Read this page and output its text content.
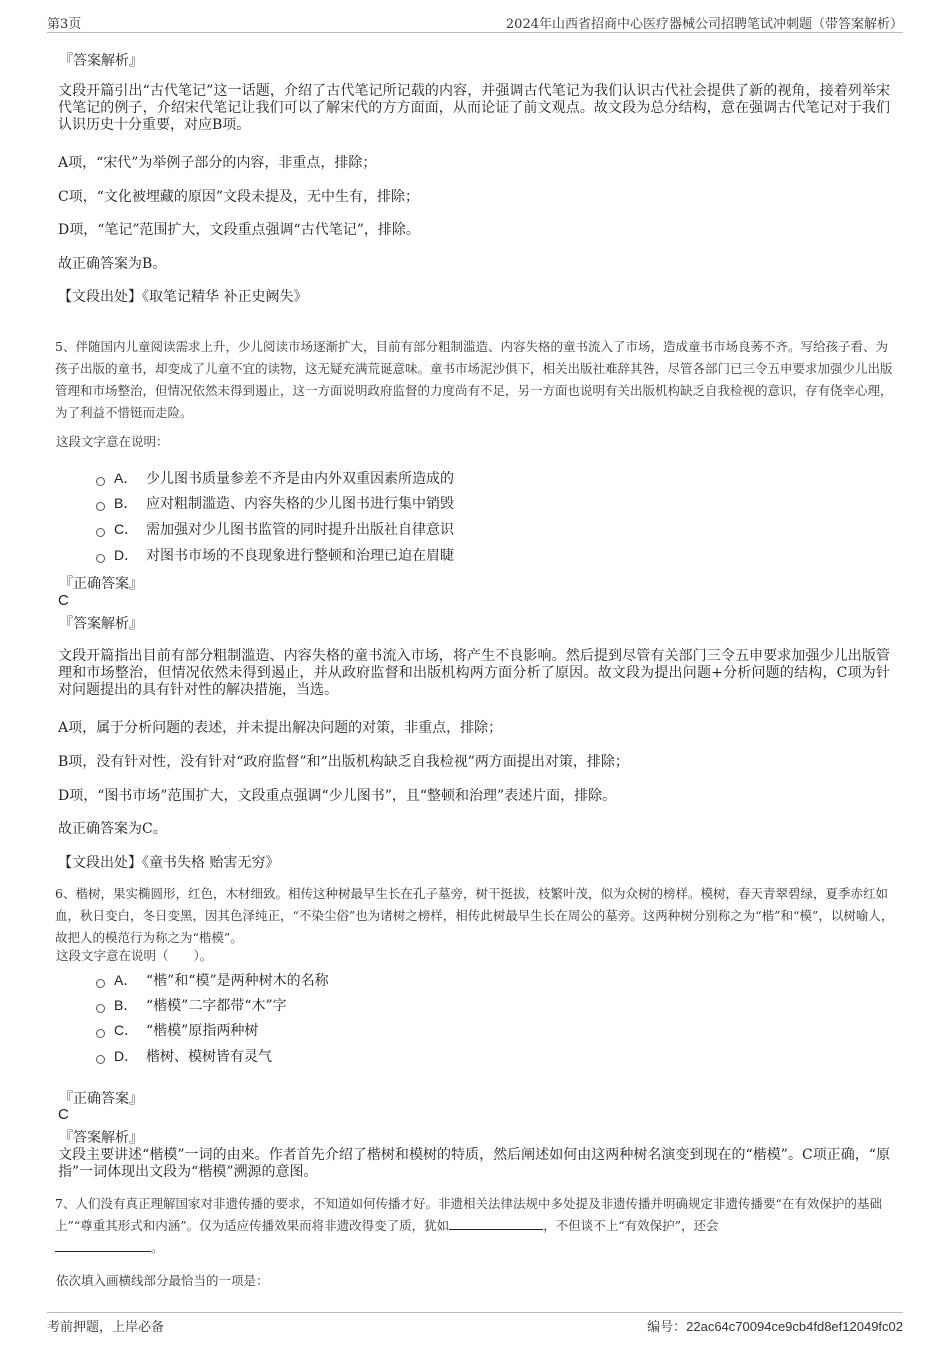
第3页	2024年山西省招商中心医疗器械公司招聘笔试冲刺题（带答案解析）
『答案解析』
文段开篇引出“古代笔记”这一话题，介绍了古代笔记所记载的内容，并强调古代笔记为我们认识古代社会提供了新的视角，接着列举宋代笔记的例子，介绍宋代笔记让我们可以了解宋代的方方面面，从而论证了前文观点。故文段为总分结构，意在强调古代笔记对于我们认识历史十分重要，对应B项。
A项，“宋代”为举例子部分的内容，非重点，排除；
C项，“文化被埋藏的原因”文段未提及，无中生有，排除；
D项，“笔记”范围扩大，文段重点强调“古代笔记”，排除。
故正确答案为B。
【文段出处】《取笔记精华 补正史阙失》
5、伴随国内儿童阅读需求上升，少儿阅读市场逐渐扩大，目前有部分粗制滥造、内容失格的童书流入了市场，造成童书市场良莠不齐。写给孩子看、为孩子出版的童书，却变成了儿童不宜的读物，这无疑充满荒诞意味。童书市场泥沙俱下，相关出版社难辞其咎，尽管各部门已三令五申要求加强少儿出版管理和市场整治，但情况依然未得到遏止，这一方面说明政府监督的力度尚有不足，另一方面也说明有关出版机构缺乏自我检视的意识，存有侥幸心理，为了利益不惜铤而走险。
这段文字意在说明：
A． 少儿图书质量参差不齐是由内外双重因素所造成的
B． 应对粗制滥造、内容失格的少儿图书进行集中销毁
C． 需加强对少儿图书监管的同时提升出版社自律意识
D． 对图书市场的不良现象进行整顿和治理已迫在眉睫
『正确答案』
C
『答案解析』
文段开篇指出目前有部分粗制滥造、内容失格的童书流入市场，将产生不良影响。然后提到尽管有关部门三令五申要求加强少儿出版管理和市场整治，但情况依然未得到遏止，并从政府监督和出版机构两方面分析了原因。故文段为提出问题+分析问题的结构，C项为针对问题提出的具有针对性的解决措施，当选。
A项，属于分析问题的表述，并未提出解决问题的对策，非重点，排除；
B项，没有针对性，没有针对“政府监督”和“出版机构缺乏自我检视”两方面提出对策，排除；
D项，“图书市场”范围扩大，文段重点强调“少儿图书”，且“整顿和治理”表述片面，排除。
故正确答案为C。
【文段出处】《童书失格 贻害无穷》
6、楷树，果实椭圆形，红色，木材细致。相传这种树最早生长在孔子墓旁，树干挺拔，枝繁叶茂，似为众树的榜样。模树，春天青翠碧绿，夏季赤红如血，秋日变白，冬日变黑，因其色泽纯正，“不染尘俗”也为诸树之榜样，相传此树最早生长在周公的墓旁。这两种树分别称之为“楷”和“模”，以树喻人，故把人的模范行为称之为“楷模”。
这段文字意在说明（　　）。
A． “楷”和“模”是两种树木的名称
B． “楷模”二字都带“木”字
C． “楷模”原指两种树
D． 楷树、模树皆有灵气
『正确答案』
C
『答案解析』
文段主要讲述“楷模”一词的由来。作者首先介绍了楷树和模树的特质，然后阐述如何由这两种树名演变到现在的“楷模”。C项正确，“原指”一词体现出文段为“楷模”溯源的意图。
7、人们没有真正理解国家对非遗传播的要求，不知道如何传播才好。非遗相关法律法规中多处提及非遗传播并明确规定非遗传播要“在有效保护的基础上”“尊重其形式和内涵”。仅为适应传播效果而将非遗改得变了质，犹如	，不但谈不上“有效保护”，还会
。
依次填入画横线部分最恰当的一项是：
考前押题，上岸必备	编号：22ac64c70094ce9cb4fd8ef12049fc02
